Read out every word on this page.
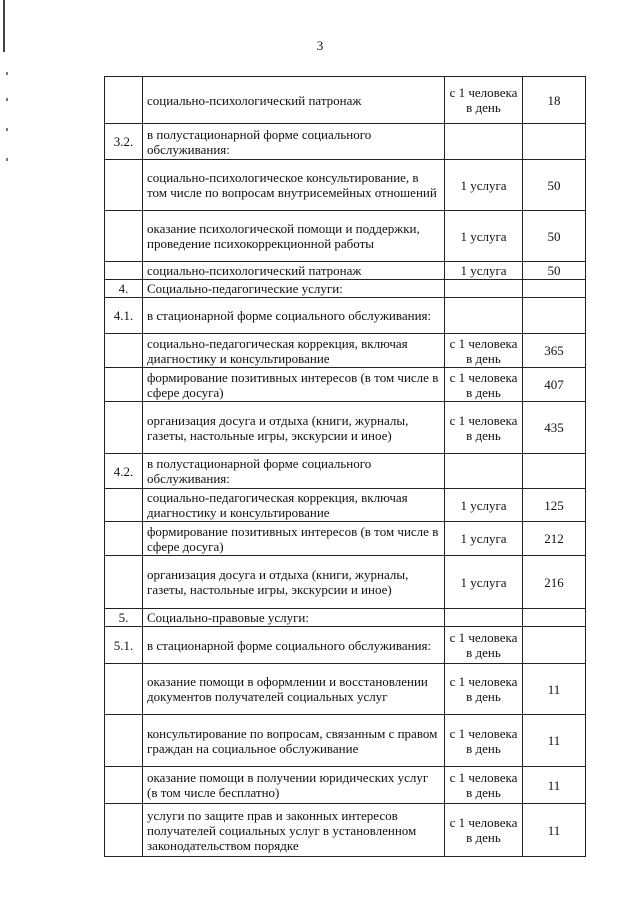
3
	социально-психологический патронаж	с 1 человека в день	18
3.2.	в полустационарной форме социального обслуживания:		
	социально-психологическое консультирование, в том числе по вопросам внутрисемейных отношений	1 услуга	50
	оказание психологической помощи и поддержки, проведение психокоррекционной работы	1 услуга	50
	социально-психологический патронаж	1 услуга	50
4.	Социально-педагогические услуги:		
4.1.	в стационарной форме социального обслуживания:		
	социально-педагогическая коррекция, включая диагностику и консультирование	с 1 человека в день	365
	формирование позитивных интересов (в том числе в сфере досуга)	с 1 человека в день	407
	организация досуга и отдыха (книги, журналы, газеты, настольные игры, экскурсии и иное)	с 1 человека в день	435
4.2.	в полустационарной форме социального обслуживания:		
	социально-педагогическая коррекция, включая диагностику и консультирование	1 услуга	125
	формирование позитивных интересов (в том числе в сфере досуга)	1 услуга	212
	организация досуга и отдыха (книги, журналы, газеты, настольные игры, экскурсии и иное)	1 услуга	216
5.	Социально-правовые услуги:		
5.1.	в стационарной форме социального обслуживания:	с 1 человека в день	
	оказание помощи в оформлении и восстановлении документов получателей социальных услуг	с 1 человека в день	11
	консультирование по вопросам, связанным с правом граждан на социальное обслуживание	с 1 человека в день	11
	оказание помощи в получении юридических услуг (в том числе бесплатно)	с 1 человека в день	11
	услуги по защите прав и законных интересов получателей социальных услуг в установленном законодательством порядке	с 1 человека в день	11
